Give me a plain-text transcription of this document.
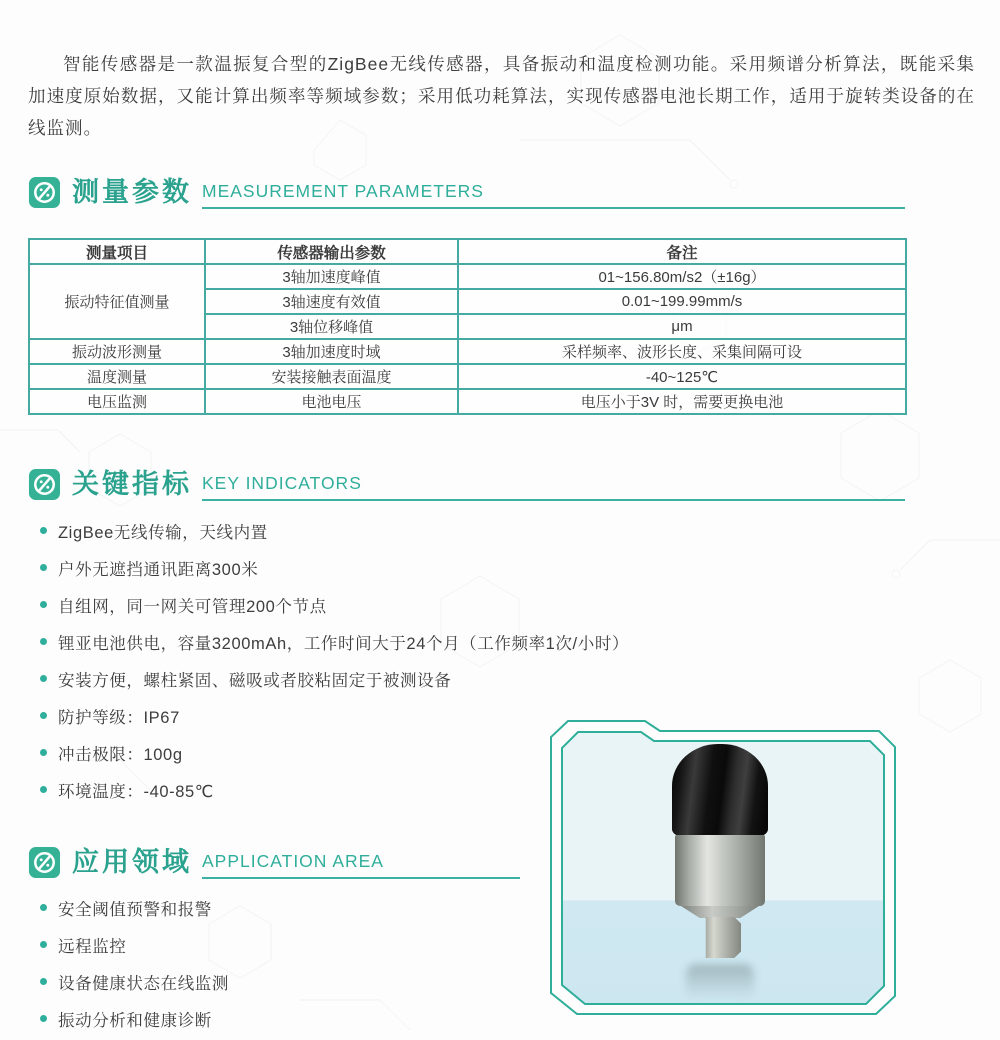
智能传感器是一款温振复合型的ZigBee无线传感器，具备振动和温度检测功能。采用频谱分析算法，既能采集加速度原始数据，又能计算出频率等频域参数；采用低功耗算法，实现传感器电池长期工作，适用于旋转类设备的在线监测。

测量参数 MEASUREMENT PARAMETERS
测量项目	传感器输出参数	备注
振动特征值测量	3轴加速度峰值	01~156.80m/s2（±16g）
	3轴速度有效值	0.01~199.99mm/s
	3轴位移峰值	μm
振动波形测量	3轴加速度时域	采样频率、波形长度、采集间隔可设
温度测量	安装接触表面温度	-40~125℃
电压监测	电池电压	电压小于3V 时，需要更换电池
关键指标 KEY INDICATORS
ZigBee无线传输，天线内置
户外无遮挡通讯距离300米
自组网，同一网关可管理200个节点
锂亚电池供电，容量3200mAh，工作时间大于24个月（工作频率1次/小时）
安装方便，螺柱紧固、磁吸或者胶粘固定于被测设备
防护等级：IP67
冲击极限：100g
环境温度：-40-85℃
应用领域 APPLICATION AREA
安全阈值预警和报警
远程监控
设备健康状态在线监测
振动分析和健康诊断
